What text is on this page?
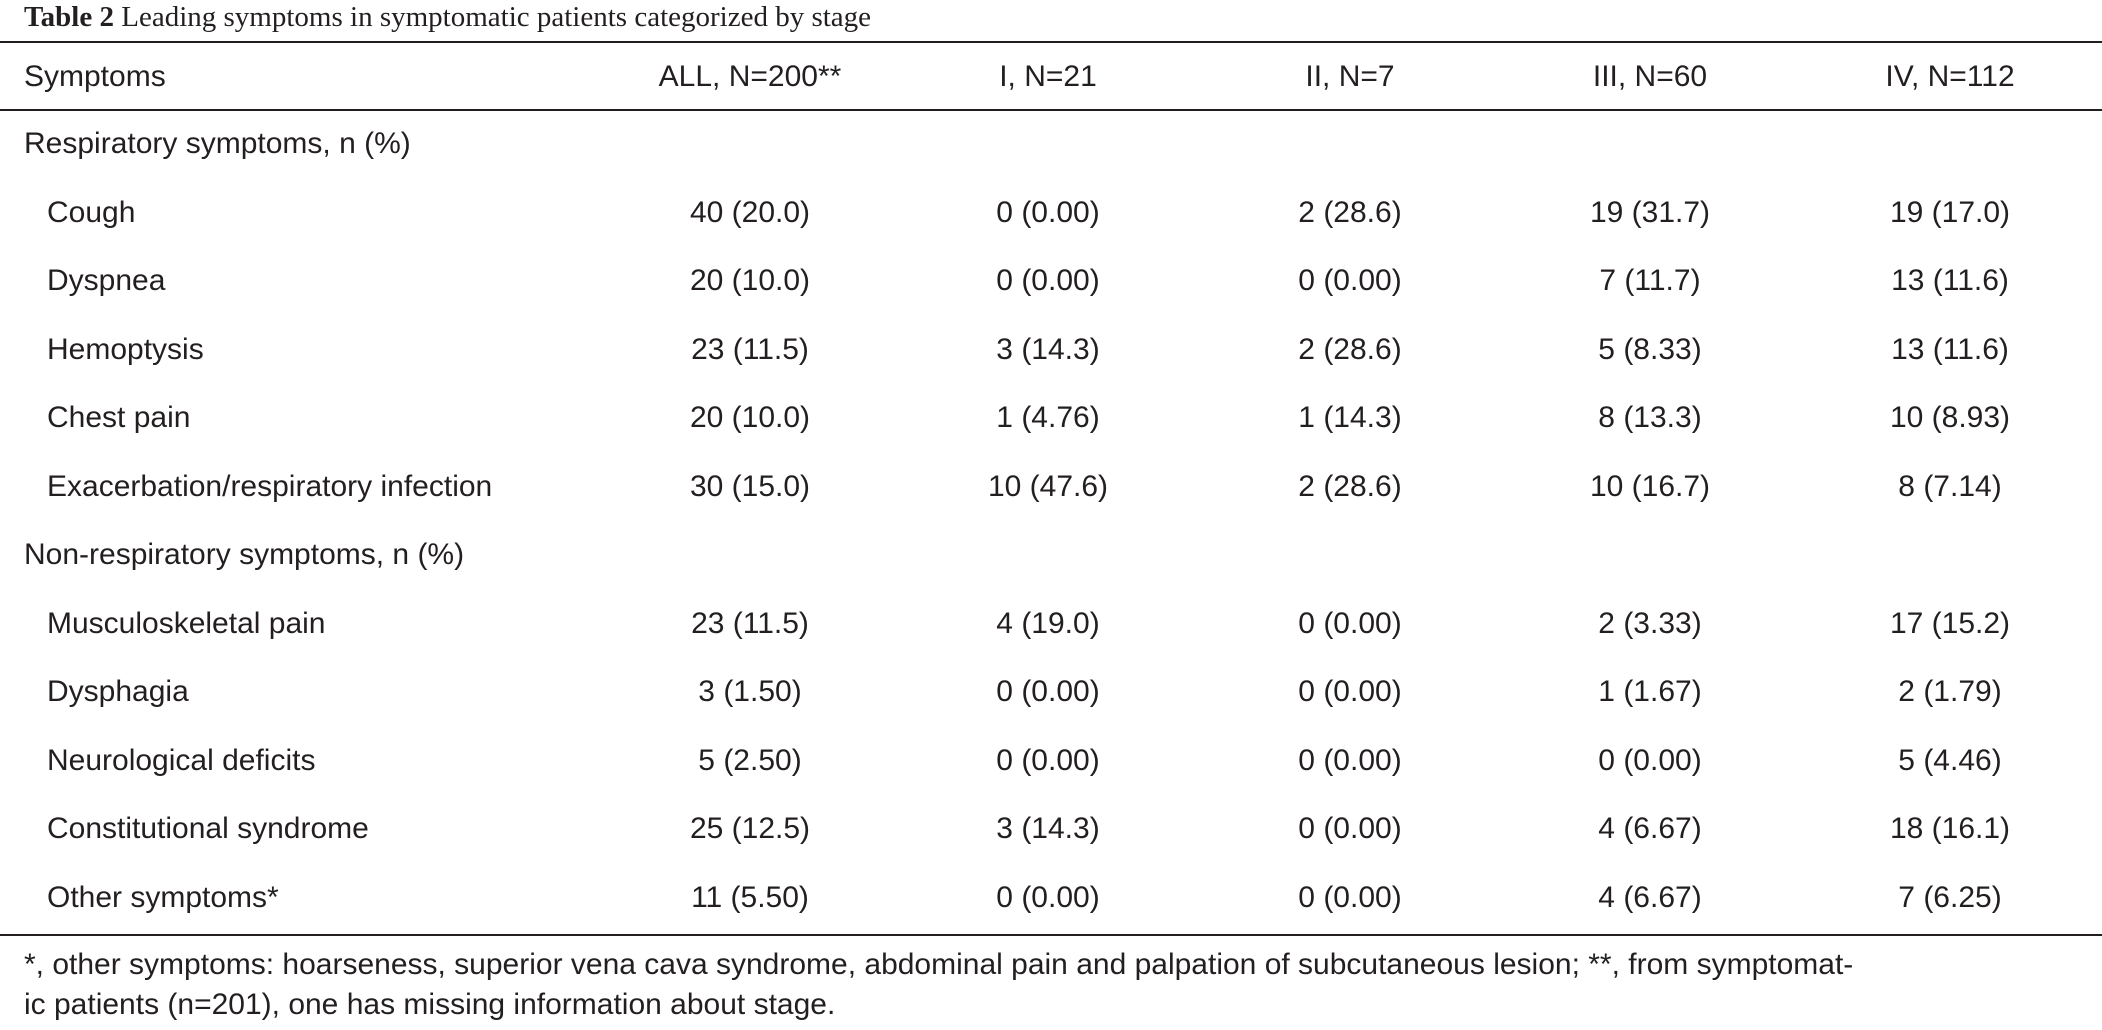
Table 2 Leading symptoms in symptomatic patients categorized by stage
Symptoms	ALL, N=200**	I, N=21	II, N=7	III, N=60	IV, N=112
Respiratory symptoms, n (%)
Cough	40 (20.0)	0 (0.00)	2 (28.6)	19 (31.7)	19 (17.0)
Dyspnea	20 (10.0)	0 (0.00)	0 (0.00)	7 (11.7)	13 (11.6)
Hemoptysis	23 (11.5)	3 (14.3)	2 (28.6)	5 (8.33)	13 (11.6)
Chest pain	20 (10.0)	1 (4.76)	1 (14.3)	8 (13.3)	10 (8.93)
Exacerbation/respiratory infection	30 (15.0)	10 (47.6)	2 (28.6)	10 (16.7)	8 (7.14)
Non-respiratory symptoms, n (%)
Musculoskeletal pain	23 (11.5)	4 (19.0)	0 (0.00)	2 (3.33)	17 (15.2)
Dysphagia	3 (1.50)	0 (0.00)	0 (0.00)	1 (1.67)	2 (1.79)
Neurological deficits	5 (2.50)	0 (0.00)	0 (0.00)	0 (0.00)	5 (4.46)
Constitutional syndrome	25 (12.5)	3 (14.3)	0 (0.00)	4 (6.67)	18 (16.1)
Other symptoms*	11 (5.50)	0 (0.00)	0 (0.00)	4 (6.67)	7 (6.25)
*, other symptoms: hoarseness, superior vena cava syndrome, abdominal pain and palpation of subcutaneous lesion; **, from symptomat-
ic patients (n=201), one has missing information about stage.
